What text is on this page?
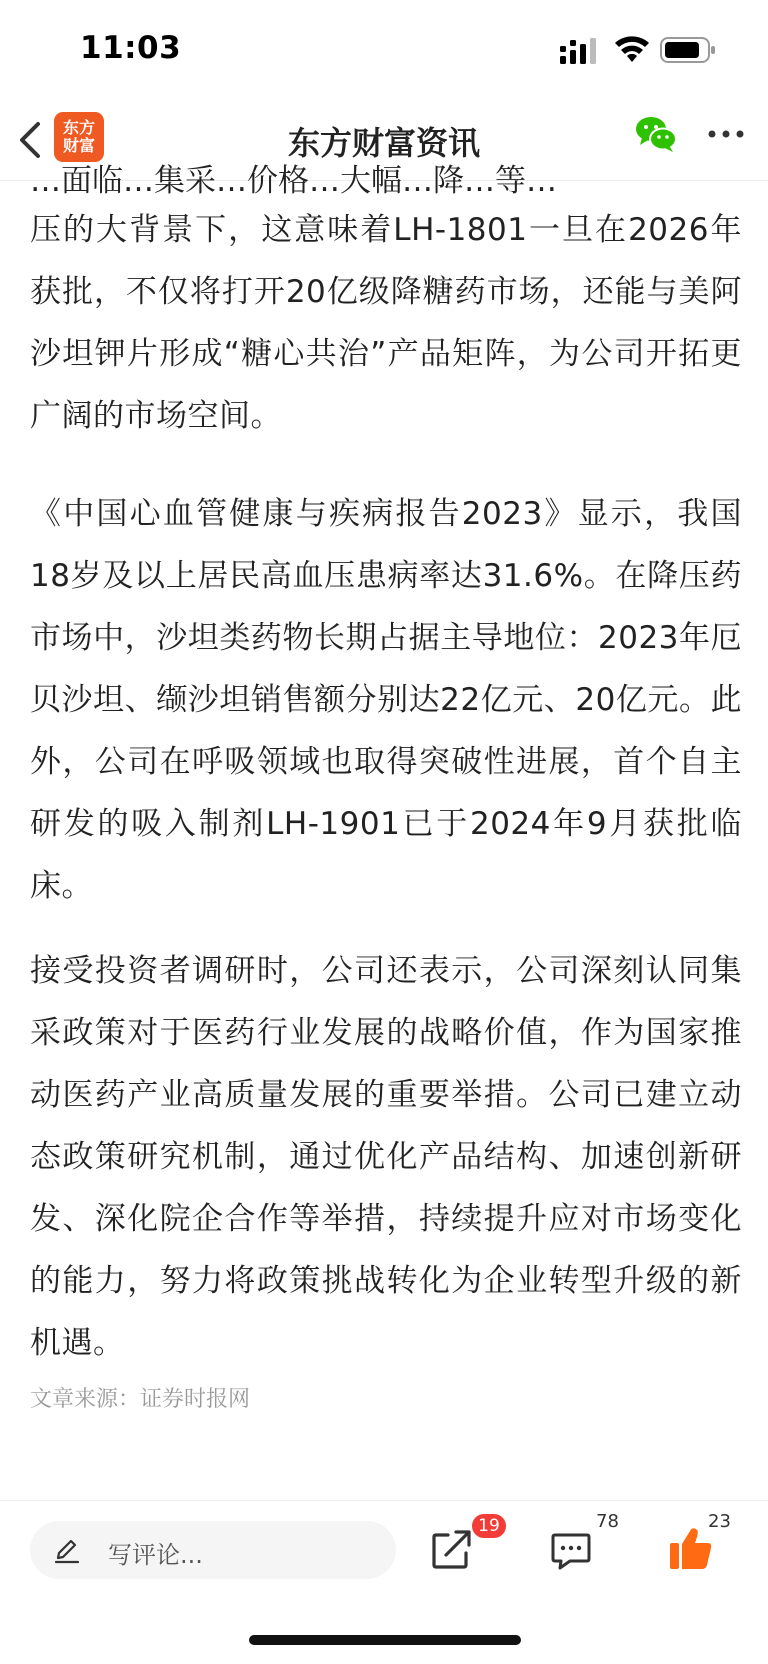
11:03
东方
财富	东方财富资讯
…面临…集采…价格…大幅…降…等…

压的大背景下，这意味着LH-1801一旦在2026年获批，不仅将打开20亿级降糖药市场，还能与美阿沙坦钾片形成“糖心共治”产品矩阵，为公司开拓更广阔的市场空间。

《中国心血管健康与疾病报告2023》显示，我国18岁及以上居民高血压患病率达31.6%。在降压药市场中，沙坦类药物长期占据主导地位：2023年厄贝沙坦、缬沙坦销售额分别达22亿元、20亿元。此外，公司在呼吸领域也取得突破性进展，首个自主研发的吸入制剂LH-1901已于2024年9月获批临床。

接受投资者调研时，公司还表示，公司深刻认同集采政策对于医药行业发展的战略价值，作为国家推动医药产业高质量发展的重要举措。公司已建立动态政策研究机制，通过优化产品结构、加速创新研发、深化院企合作等举措，持续提升应对市场变化的能力，努力将政策挑战转化为企业转型升级的新机遇。

文章来源：证券时报网
写评论...
19	78	23
